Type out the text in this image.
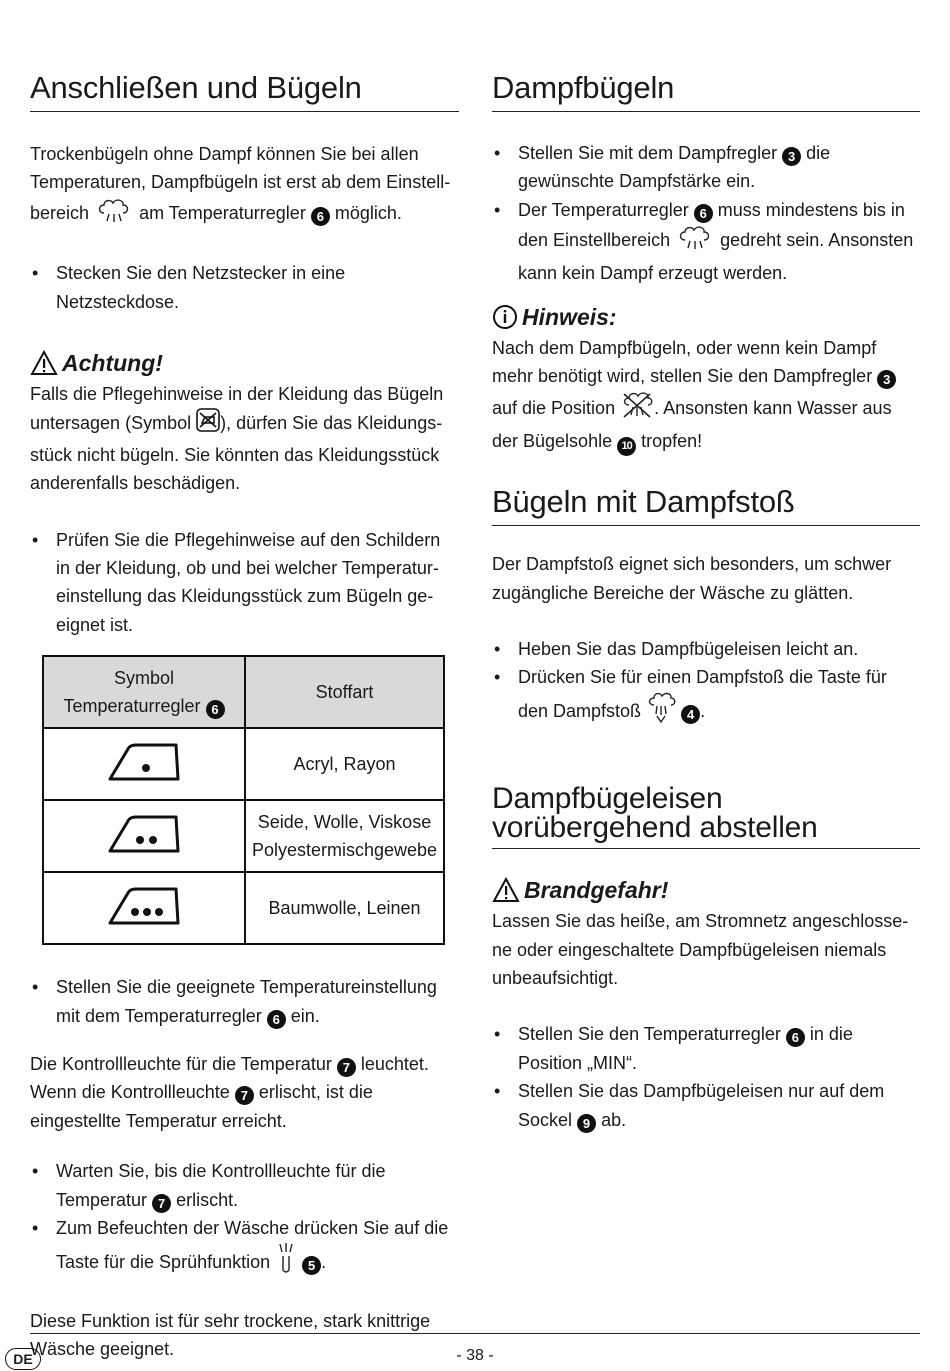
Anschließen und Bügeln

Trockenbügeln ohne Dampf können Sie bei allen Temperaturen, Dampfbügeln ist erst ab dem Einstellbereich	am Temperaturregler 6 möglich.

• Stecken Sie den Netzstecker in eine Netzsteckdose.
Achtung!

Falls die Pflegehinweise in der Kleidung das Bügeln untersagen (Symbol ), dürfen Sie das Kleidungsstück nicht bügeln. Sie könnten das Kleidungsstück anderenfalls beschädigen.

• Prüfen Sie die Pflegehinweise auf den Schildern in der Kleidung, ob und bei welcher Temperatureinstellung das Kleidungsstück zum Bügeln geeignet ist.
Symbol
Temperaturregler 6	Stoffart
	Acryl, Rayon
	Seide, Wolle, Viskose
Polyestermischgewebe
	Baumwolle, Leinen
• Stellen Sie die geeignete Temperatureinstellung mit dem Temperaturregler 6 ein.

Die Kontrollleuchte für die Temperatur 7 leuchtet. Wenn die Kontrollleuchte 7 erlischt, ist die eingestellte Temperatur erreicht.

• Warten Sie, bis die Kontrollleuchte für die Temperatur 7 erlischt.
• Zum Befeuchten der Wäsche drücken Sie auf die Taste für die Sprühfunktion	5 .

Diese Funktion ist für sehr trockene, stark knittrige Wäsche geeignet.

Dampfbügeln
• Stellen Sie mit dem Dampfregler 3 die gewünschte Dampfstärke ein.
• Der Temperaturregler 6 muss mindestens bis in den Einstellbereich	gedreht sein. Ansonsten kann kein Dampf erzeugt werden.
Hinweis:

Nach dem Dampfbügeln, oder wenn kein Dampf mehr benötigt wird, stellen Sie den Dampfregler 3 auf die Position . Ansonsten kann Wasser aus der Bügelsohle 10 tropfen!

Bügeln mit Dampfstoß

Der Dampfstoß eignet sich besonders, um schwer zugängliche Bereiche der Wäsche zu glätten.

• Heben Sie das Dampfbügeleisen leicht an.
• Drücken Sie für einen Dampfstoß die Taste für den Dampfstoß	4 .
Dampfbügeleisen
vorübergehend abstellen
Brandgefahr!

Lassen Sie das heiße, am Stromnetz angeschlossene oder eingeschaltete Dampfbügeleisen niemals unbeaufsichtigt.

• Stellen Sie den Temperaturregler 6 in die Position „MIN“.
• Stellen Sie das Dampfbügeleisen nur auf dem Sockel 9 ab.
DE	- 38 -
